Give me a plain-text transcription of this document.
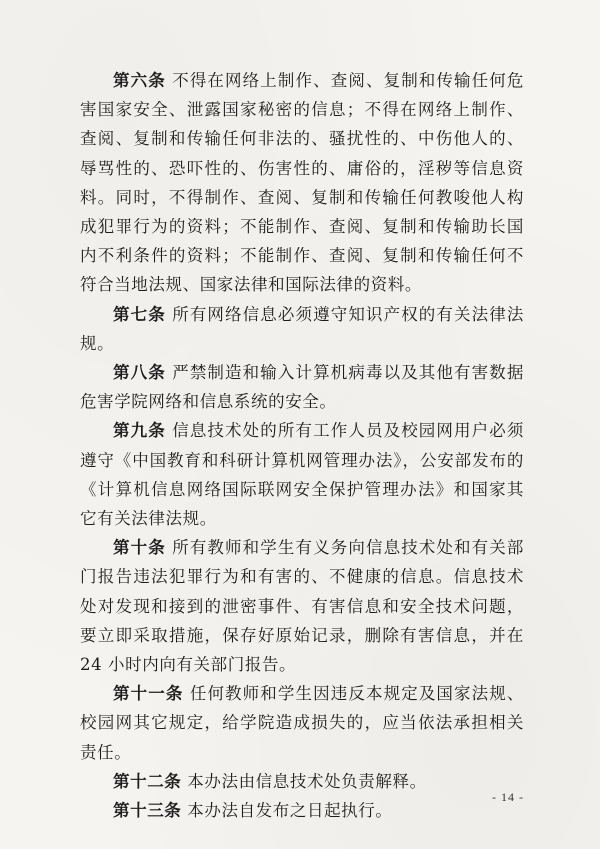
第六条 不得在网络上制作、查阅、复制和传输任何危害国家安全、泄露国家秘密的信息；不得在网络上制作、查阅、复制和传输任何非法的、骚扰性的、中伤他人的、辱骂性的、恐吓性的、伤害性的、庸俗的，淫秽等信息资料。同时，不得制作、查阅、复制和传输任何教唆他人构成犯罪行为的资料；不能制作、查阅、复制和传输助长国内不利条件的资料；不能制作、查阅、复制和传输任何不符合当地法规、国家法律和国际法律的资料。

第七条 所有网络信息必须遵守知识产权的有关法律法规。

第八条 严禁制造和输入计算机病毒以及其他有害数据危害学院网络和信息系统的安全。

第九条 信息技术处的所有工作人员及校园网用户必须遵守《中国教育和科研计算机网管理办法》，公安部发布的《计算机信息网络国际联网安全保护管理办法》和国家其它有关法律法规。

第十条 所有教师和学生有义务向信息技术处和有关部门报告违法犯罪行为和有害的、不健康的信息。信息技术处对发现和接到的泄密事件、有害信息和安全技术问题，要立即采取措施，保存好原始记录，删除有害信息，并在 24 小时内向有关部门报告。

第十一条 任何教师和学生因违反本规定及国家法规、校园网其它规定，给学院造成损失的，应当依法承担相关责任。

第十二条 本办法由信息技术处负责解释。

第十三条 本办法自发布之日起执行。

- 14 -
